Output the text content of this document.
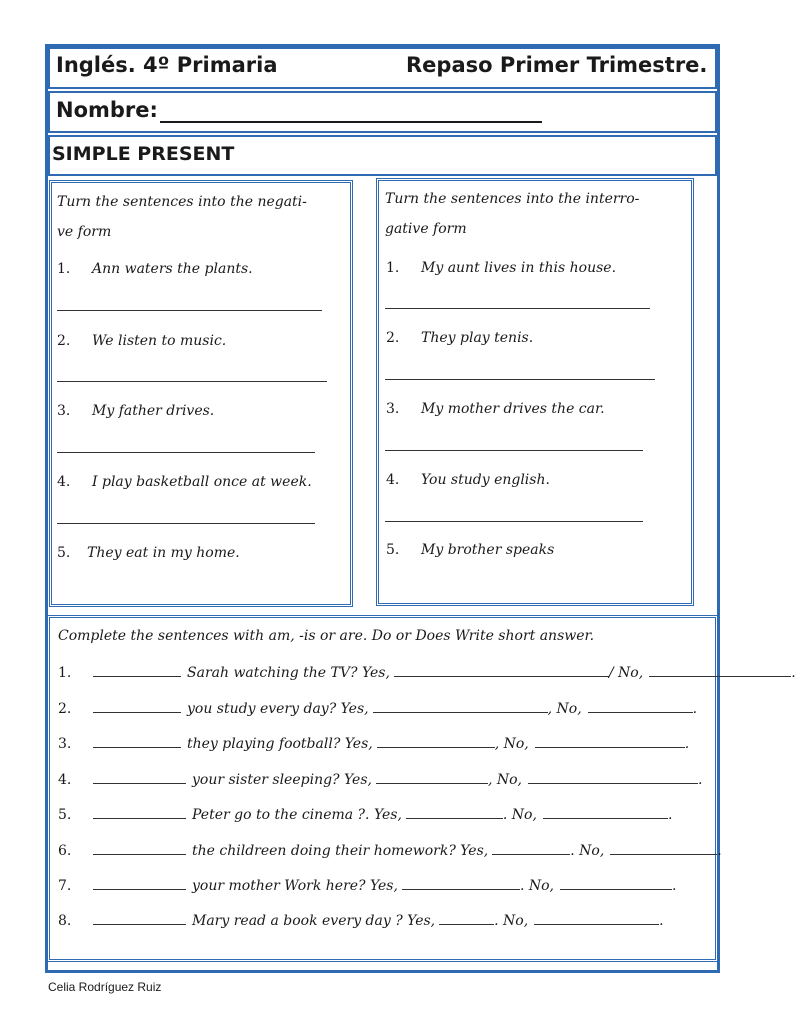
Inglés. 4º Primaria	Repaso Primer Trimestre.
Nombre:
SIMPLE PRESENT
Turn the sentences into the negati-
ve form
1. Ann waters the plants.
2. We listen to music.
3. My father drives.
4. I play basketball once at week.
5. They eat in my home.
Turn the sentences into the interro-
gative form
1. My aunt lives in this house.
2. They play tenis.
3. My mother drives the car.
4. You study english.
5. My brother speaks
Complete the sentences with am, -is or are. Do or Does Write short answer.
1.	Sarah watching the TV? Yes,	/ No,	.
2.	you study every day? Yes,	, No,	.
3.	they playing football? Yes,	, No,	.
4.	your sister sleeping? Yes,	, No,	.
5.	Peter go to the cinema ?. Yes,	. No,	.
6.	the childreen doing their homework? Yes,	. No,	.
7.	your mother Work here? Yes,	. No,	.
8.	Mary read a book every day ? Yes,	. No,	.
Celia Rodríguez Ruiz
